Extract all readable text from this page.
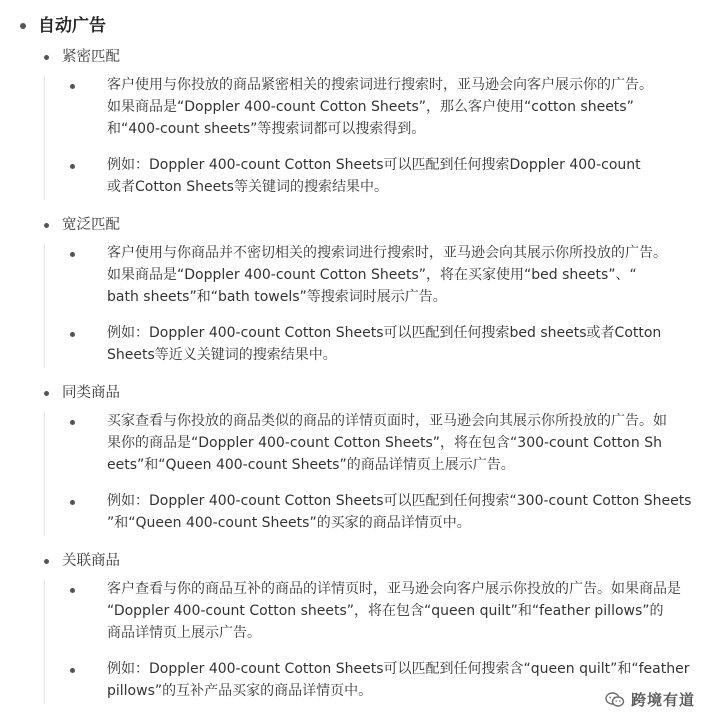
自动广告
紧密匹配
客户使用与你投放的商品紧密相关的搜索词进行搜索时，亚马逊会向客户展示你的广告。
如果商品是“Doppler 400-count Cotton Sheets”，那么客户使用“cotton sheets”
和“400-count sheets”等搜索词都可以搜索得到。
例如：Doppler 400-count Cotton Sheets可以匹配到任何搜索Doppler 400-count
或者Cotton Sheets等关键词的搜索结果中。
宽泛匹配
客户使用与你商品并不密切相关的搜索词进行搜索时，亚马逊会向其展示你所投放的广告。
如果商品是“Doppler 400-count Cotton Sheets”，将在买家使用“bed sheets”、“
bath sheets”和“bath towels”等搜索词时展示广告。
例如：Doppler 400-count Cotton Sheets可以匹配到任何搜索bed sheets或者Cotton
Sheets等近义关键词的搜索结果中。
同类商品
买家查看与你投放的商品类似的商品的详情页面时，亚马逊会向其展示你所投放的广告。如
果你的商品是“Doppler 400-count Cotton Sheets”，将在包含“300-count Cotton Sh
eets”和“Queen 400-count Sheets”的商品详情页上展示广告。
例如：Doppler 400-count Cotton Sheets可以匹配到任何搜索“300-count Cotton Sheets
”和“Queen 400-count Sheets”的买家的商品详情页中。
关联商品
客户查看与你的商品互补的商品的详情页时，亚马逊会向客户展示你投放的广告。如果商品是
“Doppler 400-count Cotton sheets”，将在包含“queen quilt”和“feather pillows”的
商品详情页上展示广告。
例如：Doppler 400-count Cotton Sheets可以匹配到任何搜索含“queen quilt”和“feather
pillows”的互补产品买家的商品详情页中。	跨境有道
